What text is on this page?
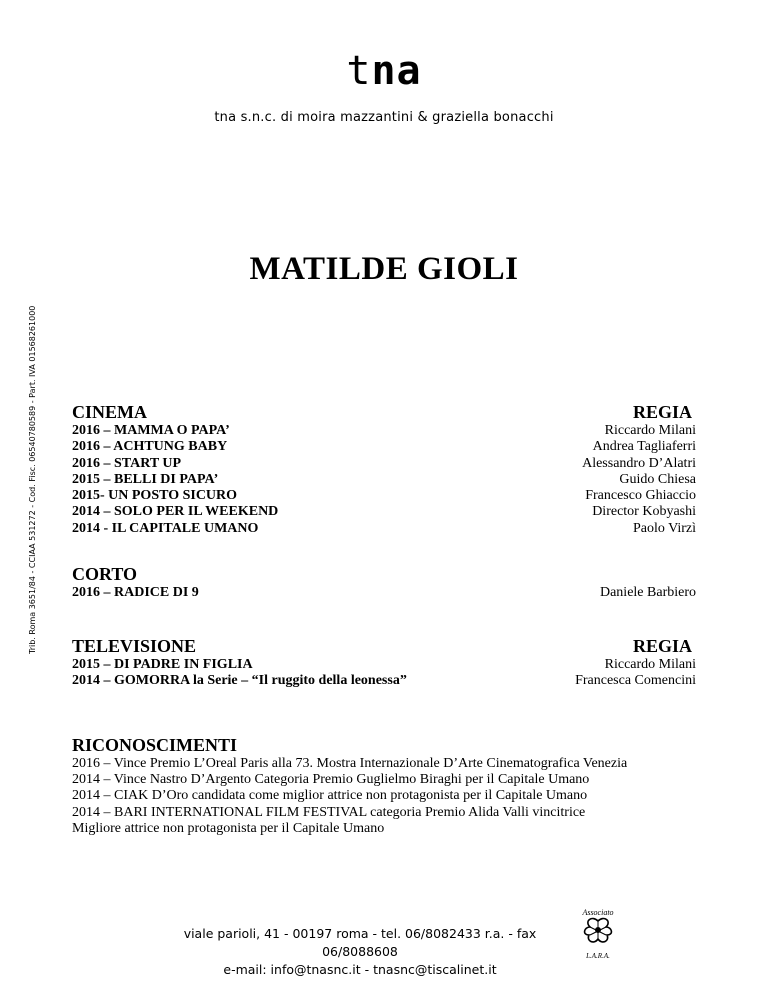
tna
tna s.n.c. di moira mazzantini & graziella bonacchi
Trib. Roma 3651/84 - CCIAA 531272 - Cod. Fisc. 06540780589 - Part. IVA 01568261000
MATILDE GIOLI
CINEMA	REGIA
2016 – MAMMA O PAPA’	Riccardo Milani
2016 – ACHTUNG BABY	Andrea Tagliaferri
2016 – START UP	Alessandro D’Alatri
2015 – BELLI DI PAPA’	Guido Chiesa
2015- UN POSTO SICURO	Francesco Ghiaccio
2014 – SOLO PER IL WEEKEND	Director Kobyashi
2014 - IL CAPITALE UMANO	Paolo Virzì
CORTO
2016 – RADICE DI 9	Daniele Barbiero
TELEVISIONE	REGIA
2015 – DI PADRE IN FIGLIA	Riccardo Milani
2014 – GOMORRA la Serie – “Il ruggito della leonessa”	Francesca Comencini
RICONOSCIMENTI
2016 – Vince Premio L’Oreal Paris alla 73. Mostra Internazionale D’Arte Cinematografica Venezia
2014 – Vince Nastro D’Argento Categoria Premio Guglielmo Biraghi per il Capitale Umano
2014 – CIAK D’Oro candidata come miglior attrice non protagonista per il Capitale Umano
2014 – BARI INTERNATIONAL FILM FESTIVAL categoria Premio Alida Valli vincitrice
Migliore attrice non protagonista per il Capitale Umano
viale parioli, 41 - 00197 roma - tel. 06/8082433 r.a. - fax 06/8088608
e-mail: info@tnasnc.it - tnasnc@tiscalinet.it
Associato
L.A.R.A.
